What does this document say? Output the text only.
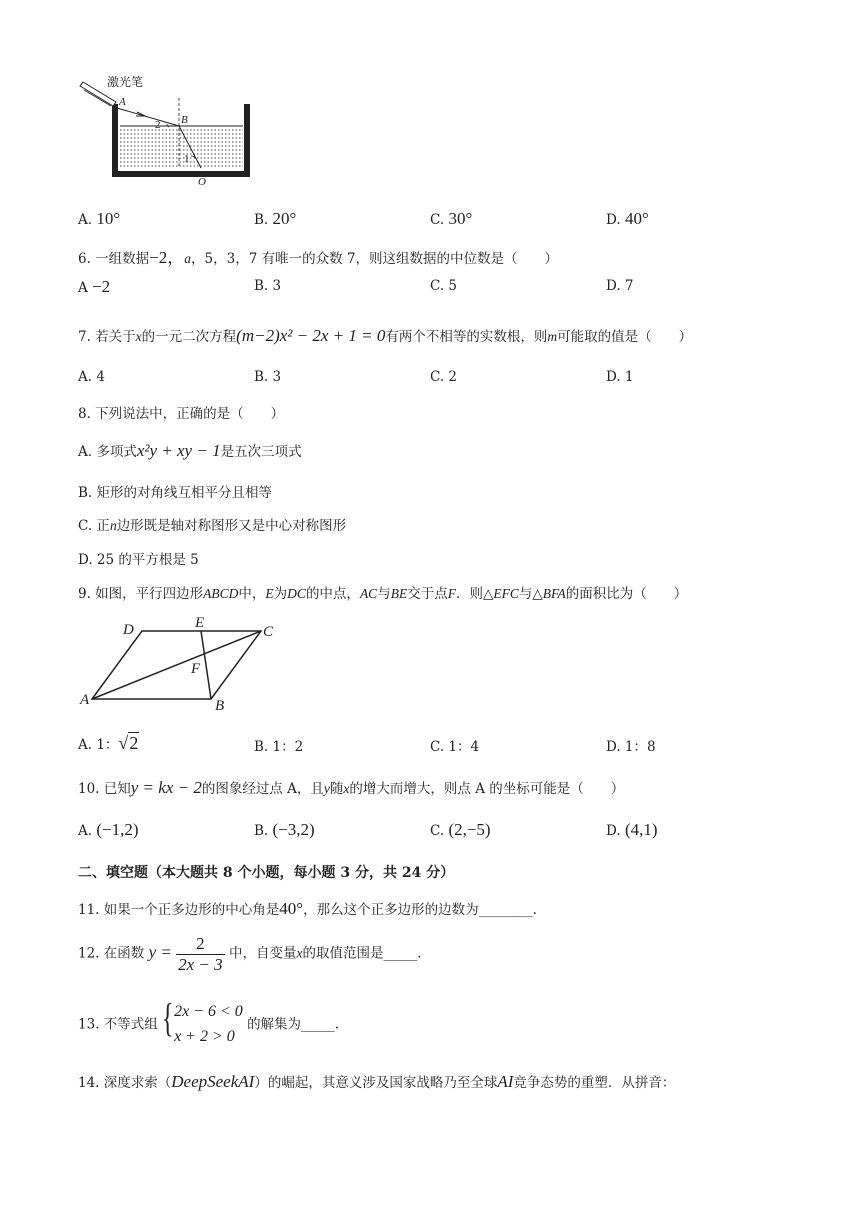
激光笔
A
B
2
1
O
A. 10°	B. 20°	C. 30°	D. 40°
6. 一组数据−2，a，5，3，7 有唯一的众数 7，则这组数据的中位数是（　　）
A −2	B. 3	C. 5	D. 7
7. 若关于x的一元二次方程(m−2)x² − 2x + 1 = 0有两个不相等的实数根，则m可能取的值是（　　）
A. 4	B. 3	C. 2	D. 1
8. 下列说法中，正确的是（　　）
A. 多项式x²y + xy − 1是五次三项式
B. 矩形的对角线互相平分且相等
C. 正n边形既是轴对称图形又是中心对称图形
D. 25 的平方根是 5
9. 如图，平行四边形ABCD中，E为DC的中点，AC与BE交于点F．则△EFC与△BFA的面积比为（　　）
D	E
C
F
A	B
A. 1：√2	B. 1：2	C. 1：4	D. 1：8
10. 已知y = kx − 2的图象经过点 A，且y随x的增大而增大，则点 A 的坐标可能是（　　）
A. (−1,2)	B. (−3,2)	C. (2,−5)	D. (4,1)
二、填空题（本大题共 8 个小题，每小题 3 分，共 24 分）
11. 如果一个正多边形的中心角是40°，那么这个正多边形的边数为________.
12. 在函数 $y = \frac{2}{2x - 3}$ 中，自变量x的取值范围是_____.
13. 不等式组 { 2x − 6 < 0
x + 2 > 0
的解集为_____.
14. 深度求索（DeepSeekAI）的崛起，其意义涉及国家战略乃至全球AI竞争态势的重塑．从拼音：
